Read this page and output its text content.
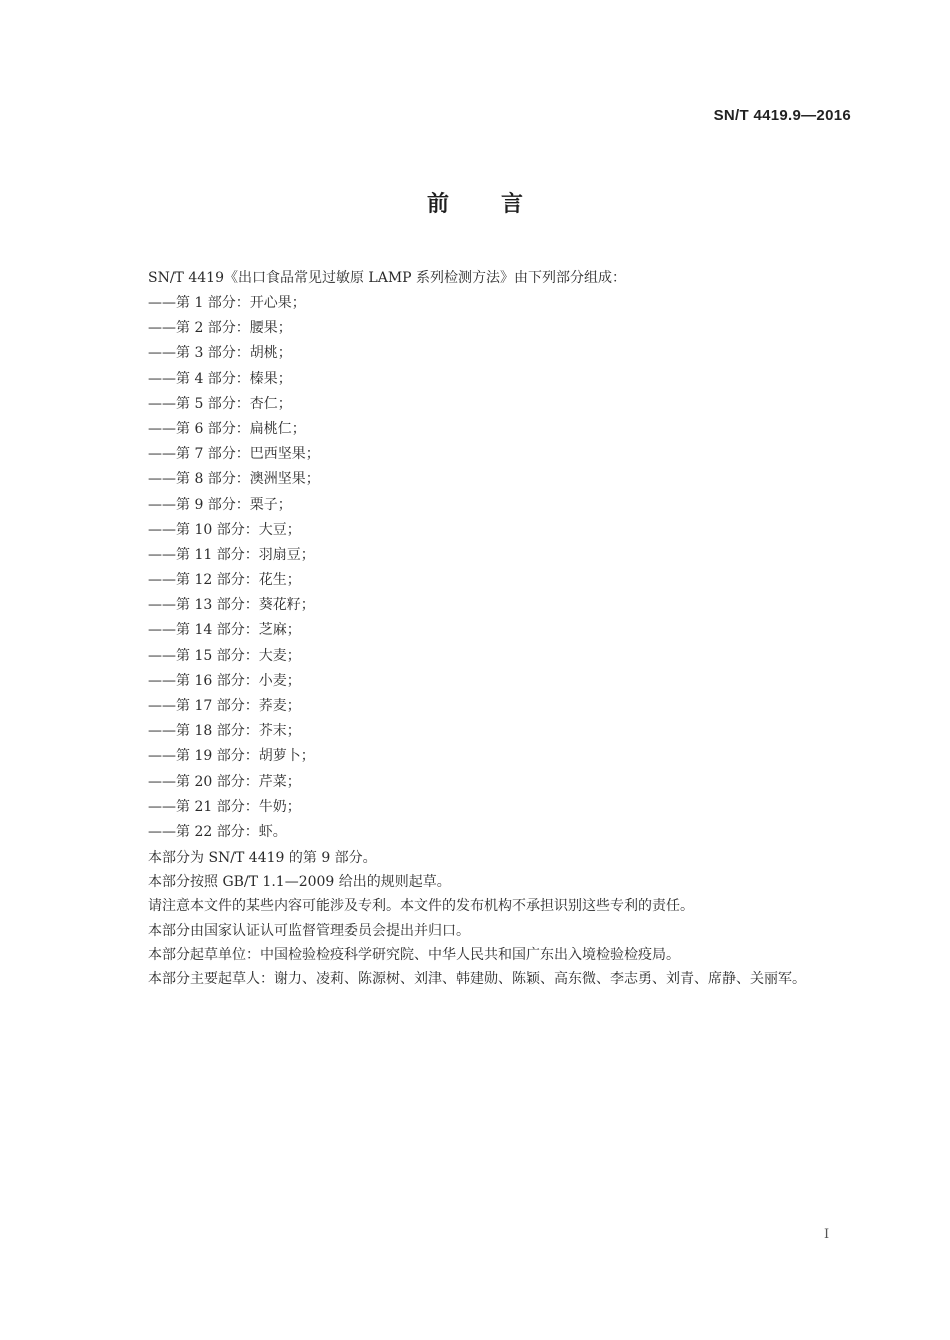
SN/T 4419.9—2016
前言
SN/T 4419《出口食品常见过敏原 LAMP 系列检测方法》由下列部分组成：
——第 1 部分：开心果；
——第 2 部分：腰果；
——第 3 部分：胡桃；
——第 4 部分：榛果；
——第 5 部分：杏仁；
——第 6 部分：扁桃仁；
——第 7 部分：巴西坚果；
——第 8 部分：澳洲坚果；
——第 9 部分：栗子；
——第 10 部分：大豆；
——第 11 部分：羽扇豆；
——第 12 部分：花生；
——第 13 部分：葵花籽；
——第 14 部分：芝麻；
——第 15 部分：大麦；
——第 16 部分：小麦；
——第 17 部分：荞麦；
——第 18 部分：芥末；
——第 19 部分：胡萝卜；
——第 20 部分：芹菜；
——第 21 部分：牛奶；
——第 22 部分：虾。

本部分为 SN/T 4419 的第 9 部分。

本部分按照 GB/T 1.1—2009 给出的规则起草。

请注意本文件的某些内容可能涉及专利。本文件的发布机构不承担识别这些专利的责任。

本部分由国家认证认可监督管理委员会提出并归口。

本部分起草单位：中国检验检疫科学研究院、中华人民共和国广东出入境检验检疫局。

本部分主要起草人：谢力、凌莉、陈源树、刘津、韩建勋、陈颖、高东微、李志勇、刘青、席静、关丽军。

I
